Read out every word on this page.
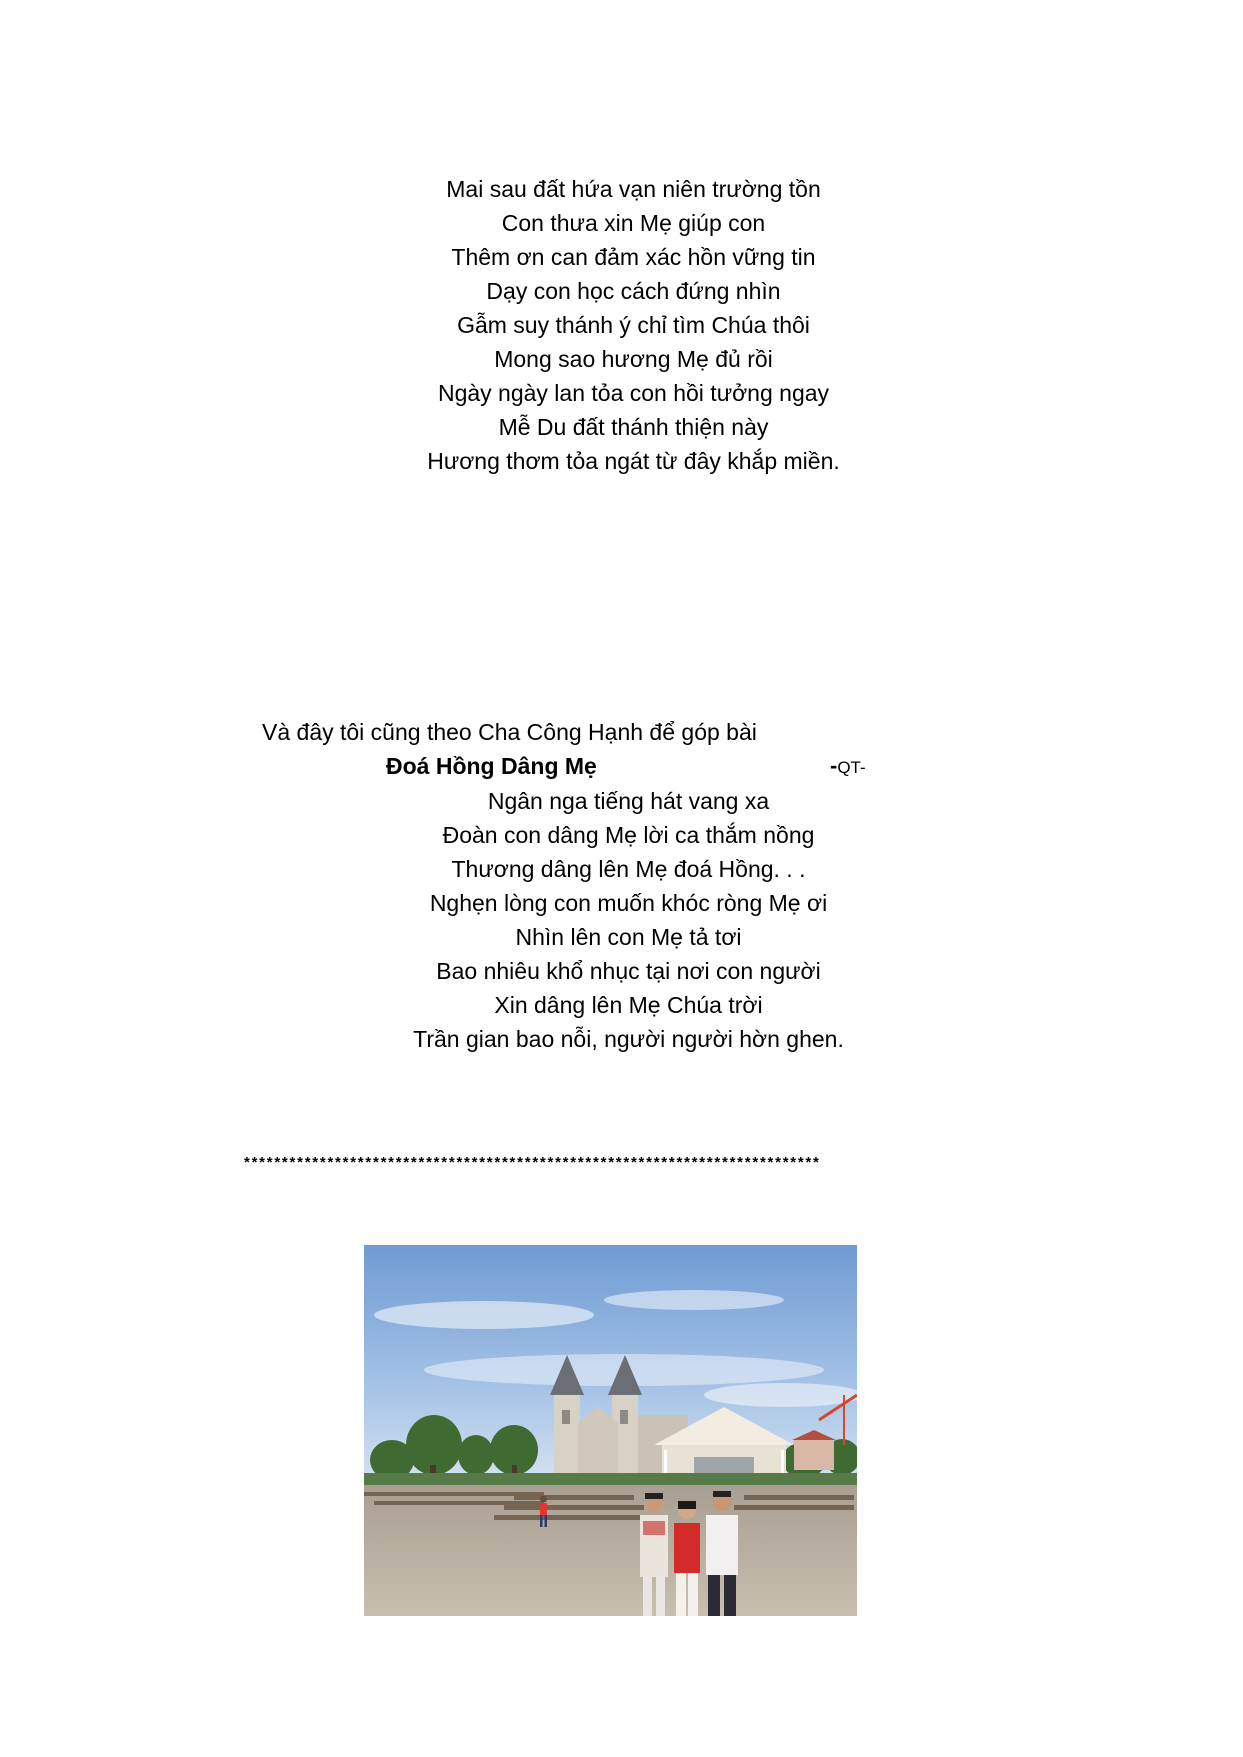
Mai sau đất hứa vạn niên trường tồn
Con thưa xin Mẹ giúp con
Thêm ơn can đảm xác hồn vững tin
Dạy con học cách đứng nhìn
Gẫm suy thánh ý chỉ tìm Chúa thôi
Mong sao hương Mẹ đủ rồi
Ngày ngày lan tỏa con hồi tưởng ngay
Mễ Du đất thánh thiện này
Hương thơm tỏa ngát từ đây khắp miền.
Và đây tôi cũng theo Cha Công Hạnh để góp bài
Đoá Hồng Dâng Mẹ	-QT-
Ngân nga tiếng hát vang xa
Đoàn con dâng Mẹ lời ca thắm nồng
Thương dâng lên Mẹ đoá Hồng. . .
Nghẹn lòng con muốn khóc ròng Mẹ ơi
Nhìn lên con Mẹ tả tơi
Bao nhiêu khổ nhục tại nơi con người
Xin dâng lên Mẹ Chúa trời
Trần gian bao nỗi, người người hờn ghen.
****************************************************************************
